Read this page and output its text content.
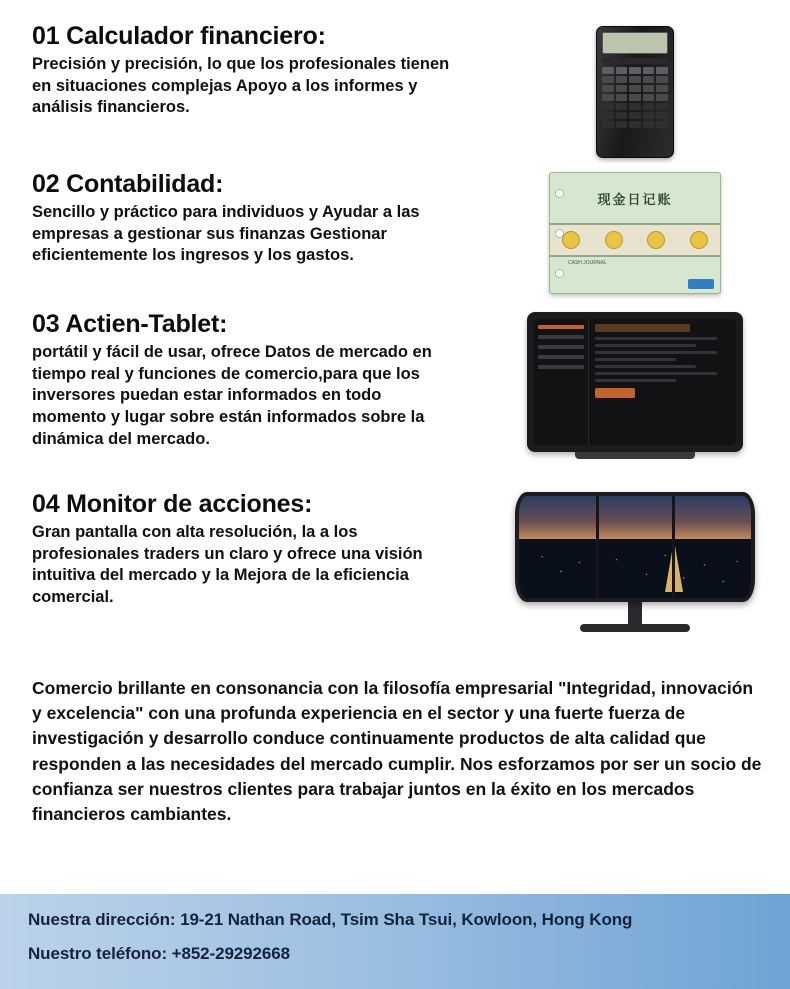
01 Calculador financiero:

Precisión y precisión, lo que los profesionales tienen en situaciones complejas Apoyo a los informes y análisis financieros.

02 Contabilidad:

Sencillo y práctico para individuos y Ayudar a las empresas a gestionar sus finanzas Gestionar eficientemente los ingresos y los gastos.

现金日记账
CASH JOURNAL
03 Actien-Tablet:

portátil y fácil de usar, ofrece Datos de mercado en tiempo real y funciones de comercio,para que los inversores puedan estar informados en todo momento y lugar sobre están informados sobre la dinámica del mercado.

04 Monitor de acciones:

Gran pantalla con alta resolución, la a los profesionales traders un claro y ofrece una visión intuitiva del mercado y la Mejora de la eficiencia comercial.

Comercio brillante en consonancia con la filosofía empresarial "Integridad, innovación y excelencia" con una profunda experiencia en el sector y una fuerte fuerza de investigación y desarrollo conduce continuamente productos de alta calidad que responden a las necesidades del mercado cumplir. Nos esforzamos por ser un socio de confianza ser nuestros clientes para trabajar juntos en la éxito en los mercados financieros cambiantes.

Nuestra dirección: 19-21 Nathan Road, Tsim Sha Tsui, Kowloon, Hong Kong
Nuestro teléfono: +852-29292668
